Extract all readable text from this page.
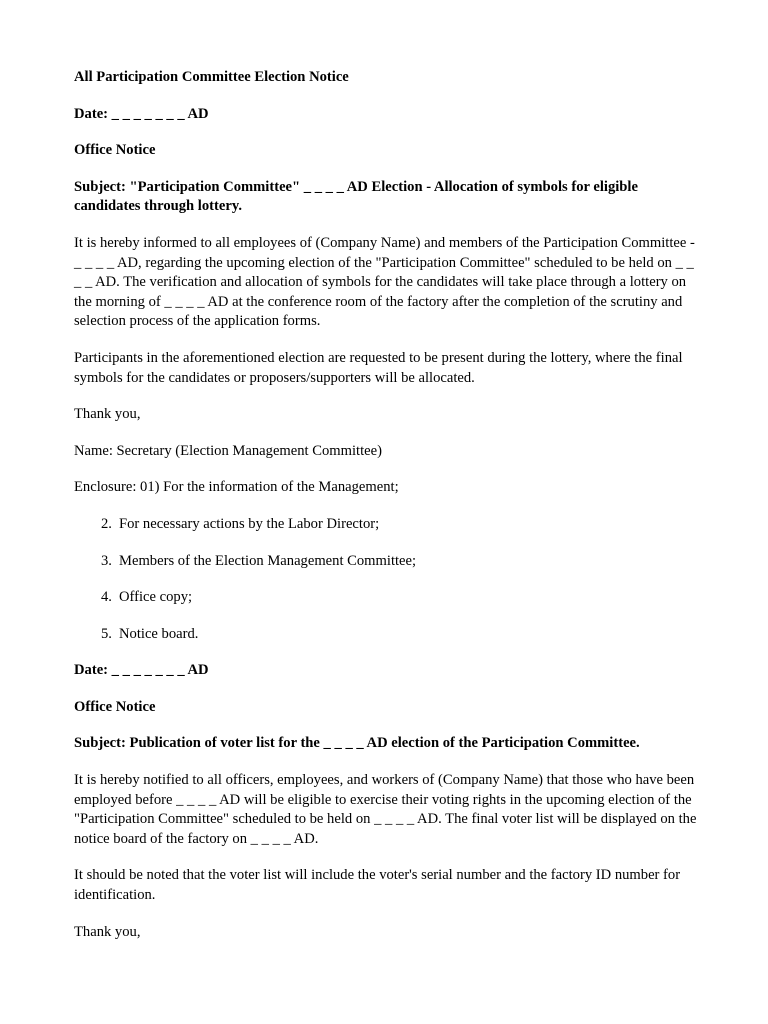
All Participation Committee Election Notice

Date: _ _ _ _ _ _ _ AD

Office Notice

Subject: "Participation Committee" _ _ _ _ AD Election - Allocation of symbols for eligible candidates through lottery.

It is hereby informed to all employees of (Company Name) and members of the Participation Committee - _ _ _ _ AD, regarding the upcoming election of the "Participation Committee" scheduled to be held on _ _ _ _ AD. The verification and allocation of symbols for the candidates will take place through a lottery on the morning of _ _ _ _ AD at the conference room of the factory after the completion of the scrutiny and selection process of the application forms.

Participants in the aforementioned election are requested to be present during the lottery, where the final symbols for the candidates or proposers/supporters will be allocated.

Thank you,

Name: Secretary (Election Management Committee)

Enclosure: 01) For the information of the Management;

2. For necessary actions by the Labor Director;
3. Members of the Election Management Committee;
4. Office copy;
5. Notice board.

Date: _ _ _ _ _ _ _ AD

Office Notice

Subject: Publication of voter list for the _ _ _ _ AD election of the Participation Committee.

It is hereby notified to all officers, employees, and workers of (Company Name) that those who have been employed before _ _ _ _ AD will be eligible to exercise their voting rights in the upcoming election of the "Participation Committee" scheduled to be held on _ _ _ _ AD. The final voter list will be displayed on the notice board of the factory on _ _ _ _ AD.

It should be noted that the voter list will include the voter's serial number and the factory ID number for identification.

Thank you,
